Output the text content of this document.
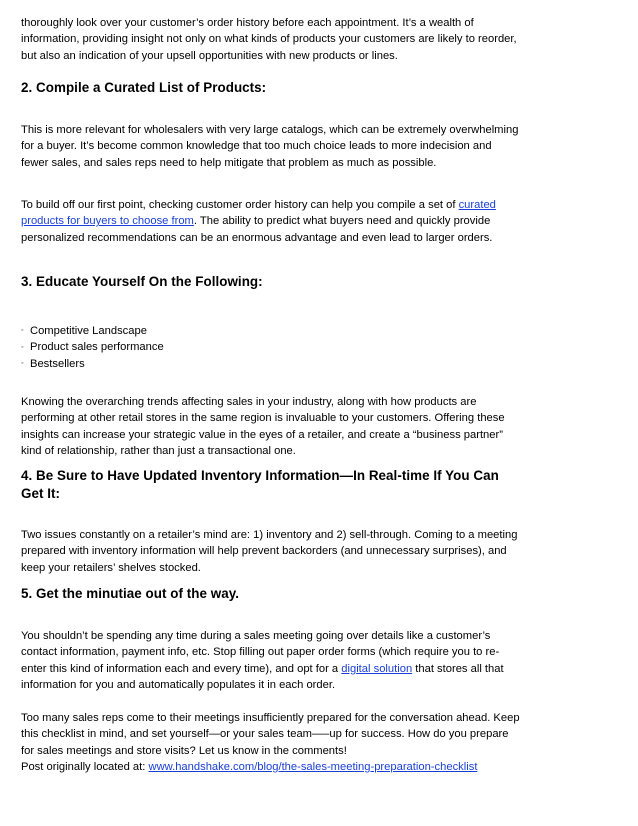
thoroughly look over your customer’s order history before each appointment. It’s a wealth of information, providing insight not only on what kinds of products your customers are likely to reorder, but also an indication of your upsell opportunities with new products or lines.

2. Compile a Curated List of Products:

This is more relevant for wholesalers with very large catalogs, which can be extremely overwhelming for a buyer. It’s become common knowledge that too much choice leads to more indecision and fewer sales, and sales reps need to help mitigate that problem as much as possible.

To build off our first point, checking customer order history can help you compile a set of curated products for buyers to choose from. The ability to predict what buyers need and quickly provide personalized recommendations can be an enormous advantage and even lead to larger orders.

3. Educate Yourself On the Following:
◦ Competitive Landscape
◦ Product sales performance
◦ Bestsellers

Knowing the overarching trends affecting sales in your industry, along with how products are performing at other retail stores in the same region is invaluable to your customers. Offering these insights can increase your strategic value in the eyes of a retailer, and create a “business partner” kind of relationship, rather than just a transactional one.

4. Be Sure to Have Updated Inventory Information—In Real-time If You Can Get It:

Two issues constantly on a retailer’s mind are: 1) inventory and 2) sell-through. Coming to a meeting prepared with inventory information will help prevent backorders (and unnecessary surprises), and keep your retailers’ shelves stocked.

5. Get the minutiae out of the way.

You shouldn’t be spending any time during a sales meeting going over details like a customer’s contact information, payment info, etc. Stop filling out paper order forms (which require you to re-enter this kind of information each and every time), and opt for a digital solution that stores all that information for you and automatically populates it in each order.

Too many sales reps come to their meetings insufficiently prepared for the conversation ahead. Keep this checklist in mind, and set yourself—or your sales team—–up for success. How do you prepare for sales meetings and store visits? Let us know in the comments!

Post originally located at: www.handshake.com/blog/the-sales-meeting-preparation-checklist
